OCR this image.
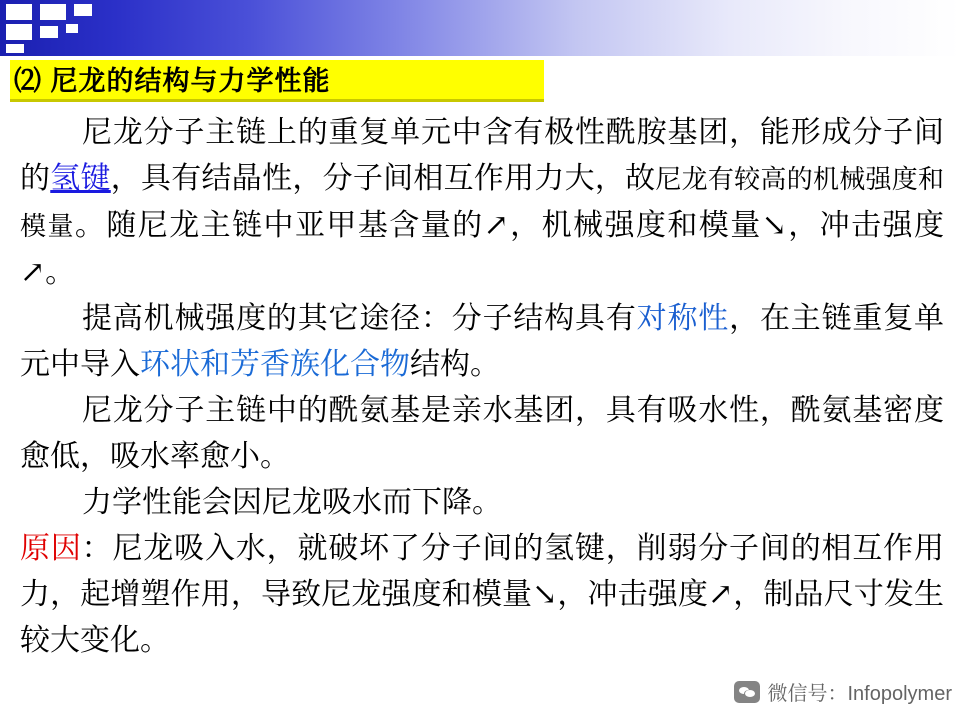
⑵ 尼龙的结构与力学性能

尼龙分子主链上的重复单元中含有极性酰胺基团，能形成分子间的氢键，具有结晶性，分子间相互作用力大，故尼龙有较高的机械强度和模量。随尼龙主链中亚甲基含量的↗，机械强度和模量↘，冲击强度↗。

提高机械强度的其它途径：分子结构具有对称性，在主链重复单元中导入环状和芳香族化合物结构。

尼龙分子主链中的酰氨基是亲水基团，具有吸水性，酰氨基密度愈低，吸水率愈小。

力学性能会因尼龙吸水而下降。

原因：尼龙吸入水，就破坏了分子间的氢键，削弱分子间的相互作用力，起增塑作用，导致尼龙强度和模量↘，冲击强度↗，制品尺寸发生较大变化。

微信号：Infopolymer
